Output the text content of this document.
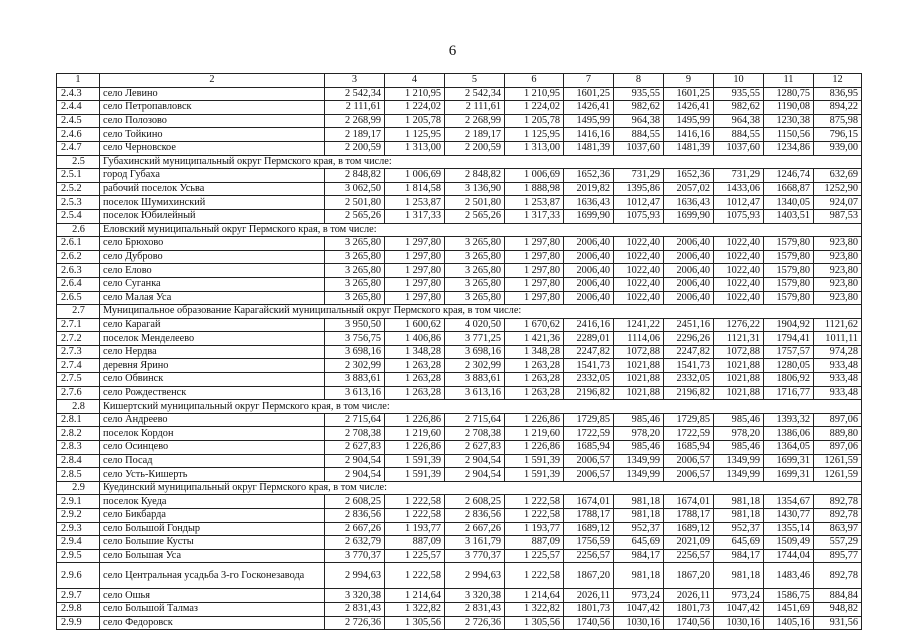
6
1	2	3	4	5	6	7	8	9	10	11	12
2.4.3	село Левино	2 542,34	1 210,95	2 542,34	1 210,95	1601,25	935,55	1601,25	935,55	1280,75	836,95
2.4.4	село Петропавловск	2 111,61	1 224,02	2 111,61	1 224,02	1426,41	982,62	1426,41	982,62	1190,08	894,22
2.4.5	село Полозово	2 268,99	1 205,78	2 268,99	1 205,78	1495,99	964,38	1495,99	964,38	1230,38	875,98
2.4.6	село Тойкино	2 189,17	1 125,95	2 189,17	1 125,95	1416,16	884,55	1416,16	884,55	1150,56	796,15
2.4.7	село Черновское	2 200,59	1 313,00	2 200,59	1 313,00	1481,39	1037,60	1481,39	1037,60	1234,86	939,00
2.5	Губахинский муниципальный округ Пермского края, в том числе:										
2.5.1	город Губаха	2 848,82	1 006,69	2 848,82	1 006,69	1652,36	731,29	1652,36	731,29	1246,74	632,69
2.5.2	рабочий поселок Усьва	3 062,50	1 814,58	3 136,90	1 888,98	2019,82	1395,86	2057,02	1433,06	1668,87	1252,90
2.5.3	поселок Шумихинский	2 501,80	1 253,87	2 501,80	1 253,87	1636,43	1012,47	1636,43	1012,47	1340,05	924,07
2.5.4	поселок Юбилейный	2 565,26	1 317,33	2 565,26	1 317,33	1699,90	1075,93	1699,90	1075,93	1403,51	987,53
2.6	Еловский муниципальный округ Пермского края, в том числе:										
2.6.1	село Брюхово	3 265,80	1 297,80	3 265,80	1 297,80	2006,40	1022,40	2006,40	1022,40	1579,80	923,80
2.6.2	село Дуброво	3 265,80	1 297,80	3 265,80	1 297,80	2006,40	1022,40	2006,40	1022,40	1579,80	923,80
2.6.3	село Елово	3 265,80	1 297,80	3 265,80	1 297,80	2006,40	1022,40	2006,40	1022,40	1579,80	923,80
2.6.4	село Суганка	3 265,80	1 297,80	3 265,80	1 297,80	2006,40	1022,40	2006,40	1022,40	1579,80	923,80
2.6.5	село Малая Уса	3 265,80	1 297,80	3 265,80	1 297,80	2006,40	1022,40	2006,40	1022,40	1579,80	923,80
2.7	Муниципальное образование Карагайский муниципальный округ Пермского края, в том числе:										
2.7.1	село Карагай	3 950,50	1 600,62	4 020,50	1 670,62	2416,16	1241,22	2451,16	1276,22	1904,92	1121,62
2.7.2	поселок Менделеево	3 756,75	1 406,86	3 771,25	1 421,36	2289,01	1114,06	2296,26	1121,31	1794,41	1011,11
2.7.3	село Нердва	3 698,16	1 348,28	3 698,16	1 348,28	2247,82	1072,88	2247,82	1072,88	1757,57	974,28
2.7.4	деревня Ярино	2 302,99	1 263,28	2 302,99	1 263,28	1541,73	1021,88	1541,73	1021,88	1280,05	933,48
2.7.5	село Обвинск	3 883,61	1 263,28	3 883,61	1 263,28	2332,05	1021,88	2332,05	1021,88	1806,92	933,48
2.7.6	село Рождественск	3 613,16	1 263,28	3 613,16	1 263,28	2196,82	1021,88	2196,82	1021,88	1716,77	933,48
2.8	Кишертский муниципальный округ Пермского края, в том числе:										
2.8.1	село Андреево	2 715,64	1 226,86	2 715,64	1 226,86	1729,85	985,46	1729,85	985,46	1393,32	897,06
2.8.2	поселок Кордон	2 708,38	1 219,60	2 708,38	1 219,60	1722,59	978,20	1722,59	978,20	1386,06	889,80
2.8.3	село Осинцево	2 627,83	1 226,86	2 627,83	1 226,86	1685,94	985,46	1685,94	985,46	1364,05	897,06
2.8.4	село Посад	2 904,54	1 591,39	2 904,54	1 591,39	2006,57	1349,99	2006,57	1349,99	1699,31	1261,59
2.8.5	село Усть-Кишерть	2 904,54	1 591,39	2 904,54	1 591,39	2006,57	1349,99	2006,57	1349,99	1699,31	1261,59
2.9	Куединский муниципальный округ Пермского края, в том числе:										
2.9.1	поселок Куеда	2 608,25	1 222,58	2 608,25	1 222,58	1674,01	981,18	1674,01	981,18	1354,67	892,78
2.9.2	село Бикбарда	2 836,56	1 222,58	2 836,56	1 222,58	1788,17	981,18	1788,17	981,18	1430,77	892,78
2.9.3	село Большой Гондыр	2 667,26	1 193,77	2 667,26	1 193,77	1689,12	952,37	1689,12	952,37	1355,14	863,97
2.9.4	село Большие Кусты	2 632,79	887,09	3 161,79	887,09	1756,59	645,69	2021,09	645,69	1509,49	557,29
2.9.5	село Большая Уса	3 770,37	1 225,57	3 770,37	1 225,57	2256,57	984,17	2256,57	984,17	1744,04	895,77
2.9.6	село Центральная усадьба 3-го Госконезавода	2 994,63	1 222,58	2 994,63	1 222,58	1867,20	981,18	1867,20	981,18	1483,46	892,78
2.9.7	село Ошья	3 320,38	1 214,64	3 320,38	1 214,64	2026,11	973,24	2026,11	973,24	1586,75	884,84
2.9.8	село Большой Талмаз	2 831,43	1 322,82	2 831,43	1 322,82	1801,73	1047,42	1801,73	1047,42	1451,69	948,82
2.9.9	село Федоровск	2 726,36	1 305,56	2 726,36	1 305,56	1740,56	1030,16	1740,56	1030,16	1405,16	931,56
